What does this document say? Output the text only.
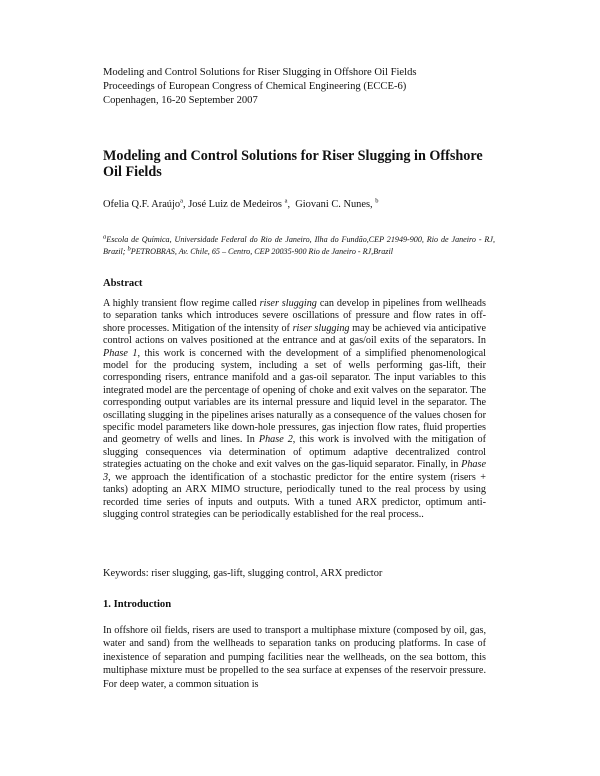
Modeling and Control Solutions for Riser Slugging in Offshore Oil Fields
Proceedings of European Congress of Chemical Engineering (ECCE-6)
Copenhagen, 16-20 September 2007
Modeling and Control Solutions for Riser Slugging in Offshore Oil Fields
Ofelia Q.F. Araújo$^a$, José Luiz de Medeiros $^a$,  Giovani C. Nunes, $^b$
$^a$Escola de Química, Universidade Federal do Rio de Janeiro, Ilha do Fundão,CEP 21949-900, Rio de Janeiro - RJ, Brazil; $^b$PETROBRAS, Av. Chile, 65 – Centro, CEP 20035-900 Rio de Janeiro - RJ,Brazil
Abstract
A highly transient flow regime called riser slugging can develop in pipelines from wellheads to separation tanks which introduces severe oscillations of pressure and flow rates in off-shore processes. Mitigation of the intensity of riser slugging may be achieved via anticipative control actions on valves positioned at the entrance and at gas/oil exits of the separators. In Phase 1, this work is concerned with the development of a simplified phenomenological model for the producing system, including a set of wells performing gas-lift, their corresponding risers, entrance manifold and a gas-oil separator. The input variables to this integrated model are the percentage of opening of choke and exit valves on the separator. The corresponding output variables are its internal pressure and liquid level in the separator. The oscillating slugging in the pipelines arises naturally as a consequence of the values chosen for specific model parameters like down-hole pressures, gas injection flow rates, fluid properties and geometry of wells and lines. In Phase 2, this work is involved with the mitigation of slugging consequences via determination of optimum adaptive decentralized control strategies actuating on the choke and exit valves on the gas-liquid separator. Finally, in Phase 3, we approach the identification of a stochastic predictor for the entire system (risers + tanks) adopting an ARX MIMO structure, periodically tuned to the real process by using recorded time series of inputs and outputs. With a tuned ARX predictor, optimum anti-slugging control strategies can be periodically established for the real process..
Keywords: riser slugging, gas-lift, slugging control, ARX predictor
1. Introduction
In offshore oil fields, risers are used to transport a multiphase mixture (composed by oil, gas, water and sand) from the wellheads to separation tanks on producing platforms. In case of inexistence of separation and pumping facilities near the wellheads, on the sea bottom, this multiphase mixture must be propelled to the sea surface at expenses of the reservoir pressure. For deep water, a common situation is
